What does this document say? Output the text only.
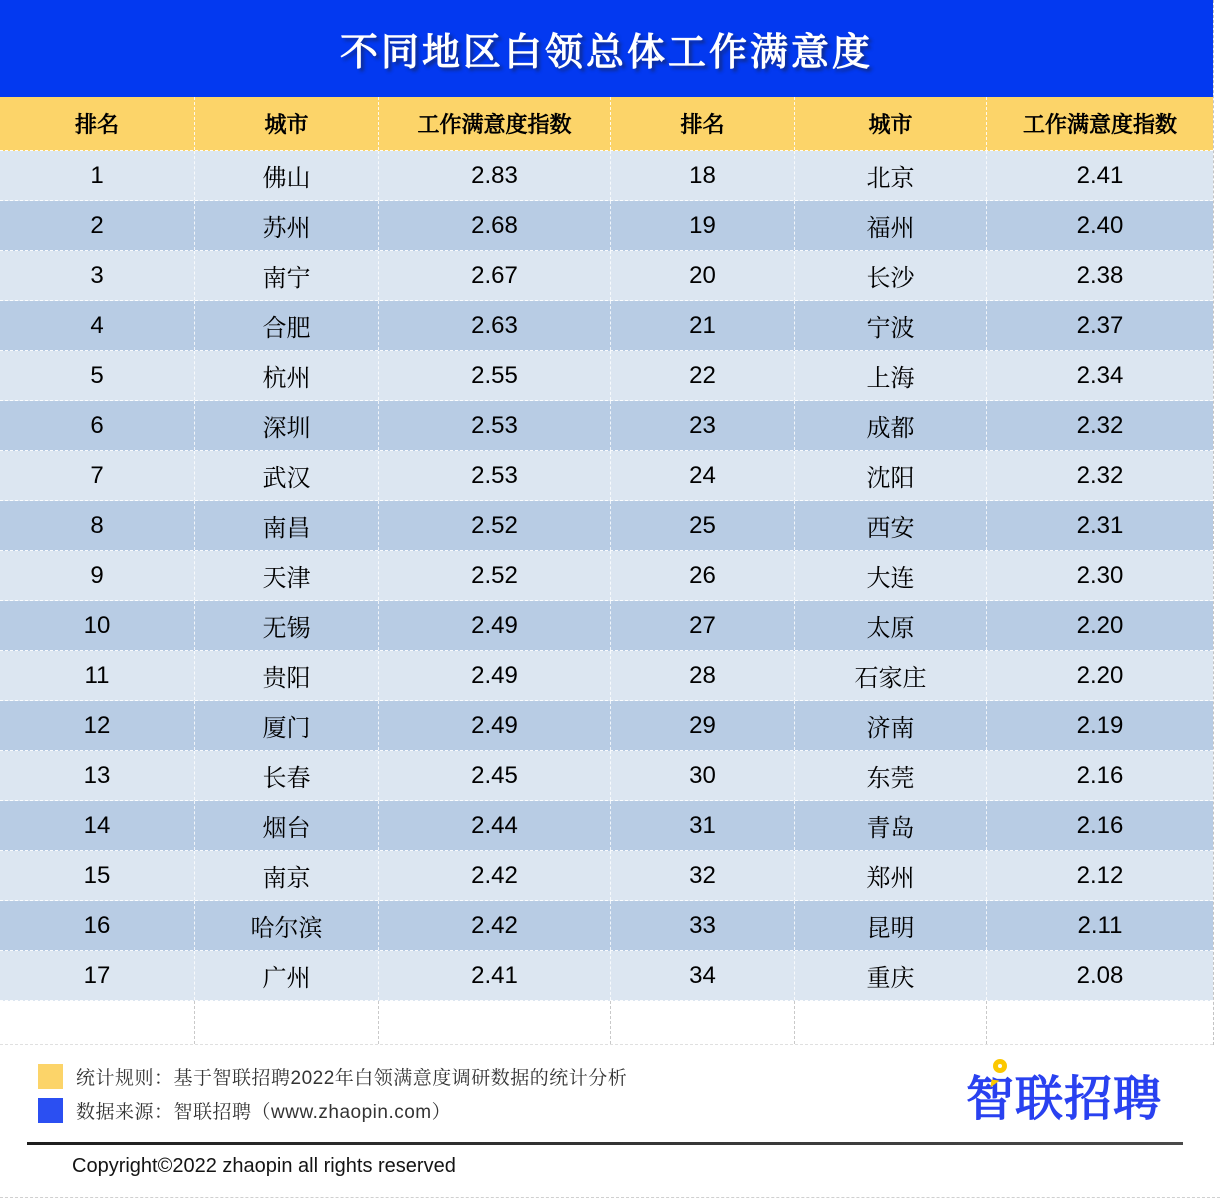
不同地区白领总体工作满意度
排名	城市	工作满意度指数	排名	城市	工作满意度指数
1	佛山	2.83	18	北京	2.41
2	苏州	2.68	19	福州	2.40
3	南宁	2.67	20	长沙	2.38
4	合肥	2.63	21	宁波	2.37
5	杭州	2.55	22	上海	2.34
6	深圳	2.53	23	成都	2.32
7	武汉	2.53	24	沈阳	2.32
8	南昌	2.52	25	西安	2.31
9	天津	2.52	26	大连	2.30
10	无锡	2.49	27	太原	2.20
11	贵阳	2.49	28	石家庄	2.20
12	厦门	2.49	29	济南	2.19
13	长春	2.45	30	东莞	2.16
14	烟台	2.44	31	青岛	2.16
15	南京	2.42	32	郑州	2.12
16	哈尔滨	2.42	33	昆明	2.11
17	广州	2.41	34	重庆	2.08
统计规则：基于智联招聘2022年白领满意度调研数据的统计分析
数据来源：智联招聘（www.zhaopin.com）	智联招聘
Copyright©2022 zhaopin all rights reserved
